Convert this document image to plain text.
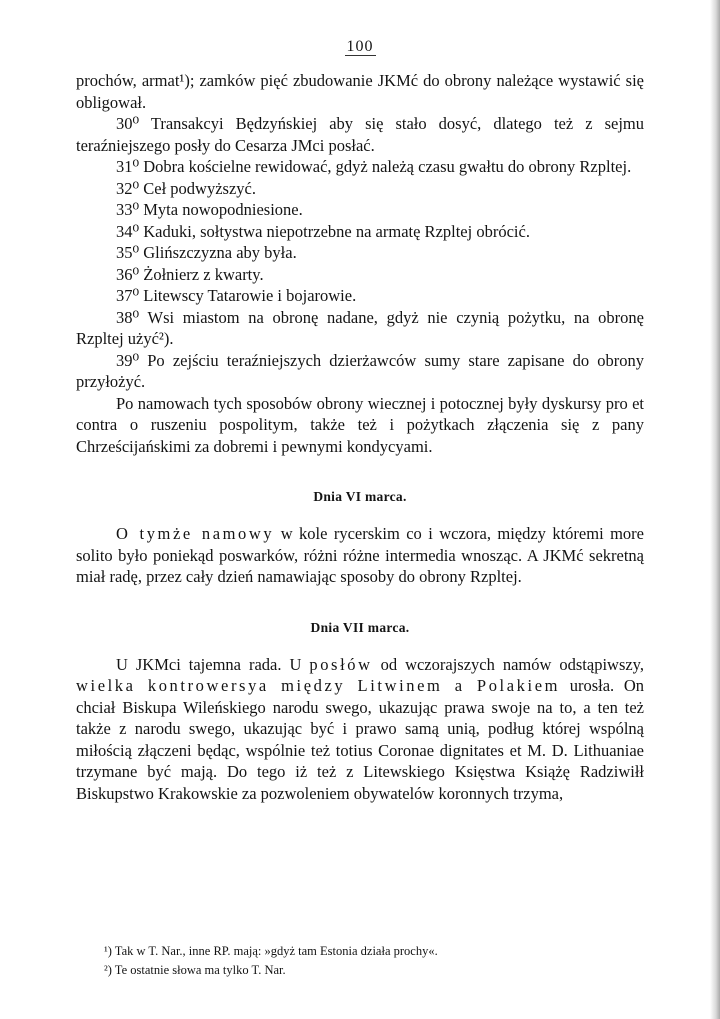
100

prochów, armat¹); zamków pięć zbudowanie JKMć do obrony należące wystawić się obligował.

30⁰ Transakcyi Będzyńskiej aby się stało dosyć, dlatego też z sejmu teraźniejszego posły do Cesarza JMci posłać.

31⁰ Dobra kościelne rewidować, gdyż należą czasu gwałtu do obrony Rzpltej.

32⁰ Ceł podwyższyć.

33⁰ Myta nowopodniesione.

34⁰ Kaduki, sołtystwa niepotrzebne na armatę Rzpltej obrócić.

35⁰ Glińszczyzna aby była.

36⁰ Żołnierz z kwarty.

37⁰ Litewscy Tatarowie i bojarowie.

38⁰ Wsi miastom na obronę nadane, gdyż nie czynią pożytku, na obronę Rzpltej użyć²).

39⁰ Po zejściu teraźniejszych dzierżawców sumy stare zapisane do obrony przyłożyć.

Po namowach tych sposobów obrony wiecznej i potocznej były dyskursy pro et contra o ruszeniu pospolitym, także też i pożytkach złączenia się z pany Chrześcijańskimi za dobremi i pewnymi kondycyami.

Dnia VI marca.

O tymże namowy w kole rycerskim co i wczora, między któremi more solito było poniekąd poswarków, różni różne intermedia wnosząc. A JKMć sekretną miał radę, przez cały dzień namawiając sposoby do obrony Rzpltej.

Dnia VII marca.

U JKMci tajemna rada. U posłów od wczorajszych namów odstąpiwszy, wielka kontrowersya między Litwinem a Polakiem urosła. On chciał Biskupa Wileńskiego narodu swego, ukazując prawa swoje na to, a ten też także z narodu swego, ukazując być i prawo samą unią, podług której wspólną miłością złączeni będąc, wspólnie też totius Coronae dignitates et M. D. Lithuaniae trzymane być mają. Do tego iż też z Litewskiego Księstwa Książę Radziwiłł Biskupstwo Krakowskie za pozwoleniem obywatelów koronnych trzyma,

¹) Tak w T. Nar., inne RP. mają: »gdyż tam Estonia działa prochy«.

²) Te ostatnie słowa ma tylko T. Nar.
